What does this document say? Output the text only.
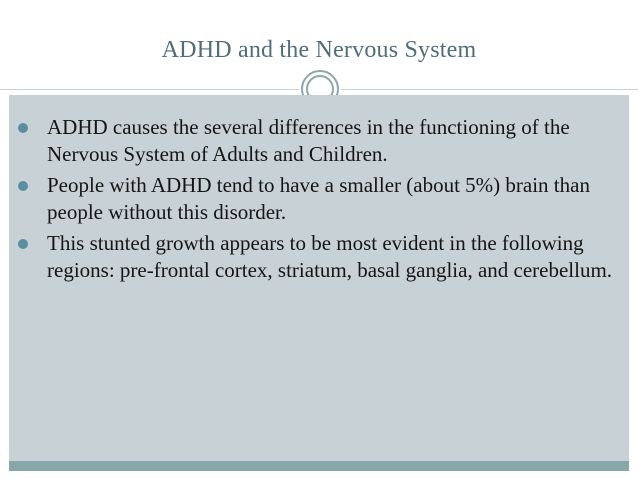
ADHD and the Nervous System
ADHD causes the several differences in the functioning of the Nervous System of Adults and Children.
People with ADHD tend to have a smaller (about 5%) brain than people without this disorder.
This stunted growth appears to be most evident in the following regions: pre-frontal cortex, striatum, basal ganglia, and cerebellum.
